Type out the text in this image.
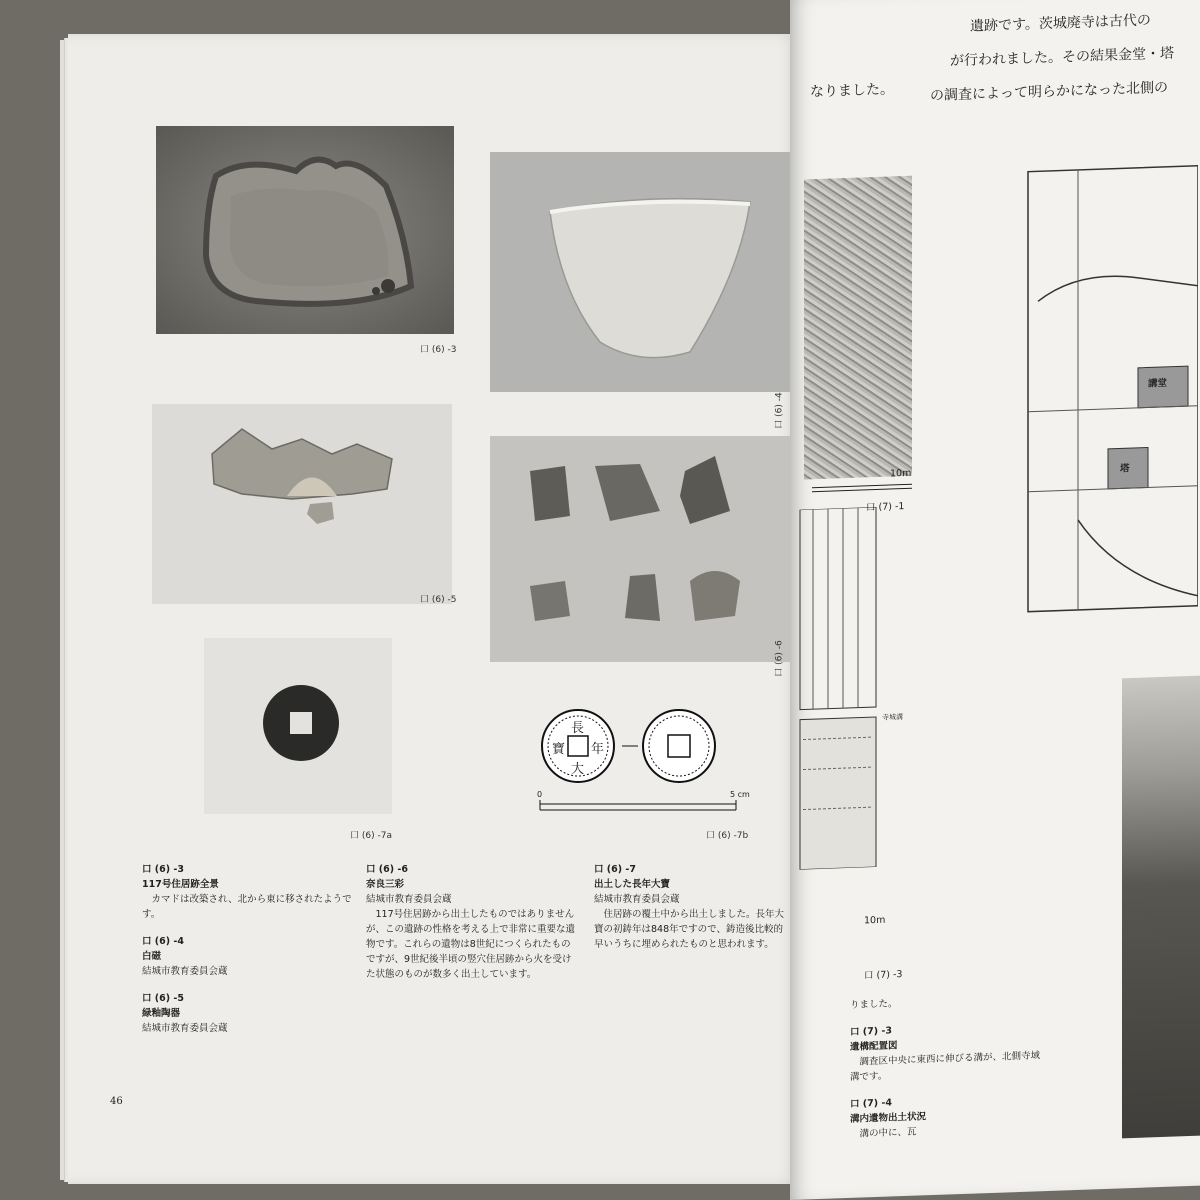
口 (6) -3
口 (6) -4
口 (6) -5
口 (6) -6
口 (6) -7a
長
年
大
寶
0	5 cm
口 (6) -7b
口 (6) -3
117号住居跡全景

カマドは改築され、北から東に移されたようです。

口 (6) -4
白磁
結城市教育委員会蔵
口 (6) -5
緑釉陶器
結城市教育委員会蔵
口 (6) -6
奈良三彩
結城市教育委員会蔵

117号住居跡から出土したものではありませんが、この遺跡の性格を考える上で非常に重要な遺物です。これらの遺物は8世紀につくられたものですが、9世紀後半頃の竪穴住居跡から火を受けた状態のものが数多く出土しています。

口 (6) -7
出土した長年大寶
結城市教育委員会蔵

住居跡の覆土中から出土しました。長年大寶の初鋳年は848年ですので、鋳造後比較的早いうちに埋められたものと思われます。

46
遺跡です。茨城廃寺は古代の
が行われました。その結果金堂・塔
の調査によって明らかになった北側の
なりました。
10m
口 (7) -1
講堂
塔
寺城溝
10m
口 (7) -3
りました。
口 (7) -3
遺構配置図

調査区中央に東西に伸びる溝が、北側寺域

溝です。
口 (7) -4
溝内遺物出土状況

溝の中に、瓦
